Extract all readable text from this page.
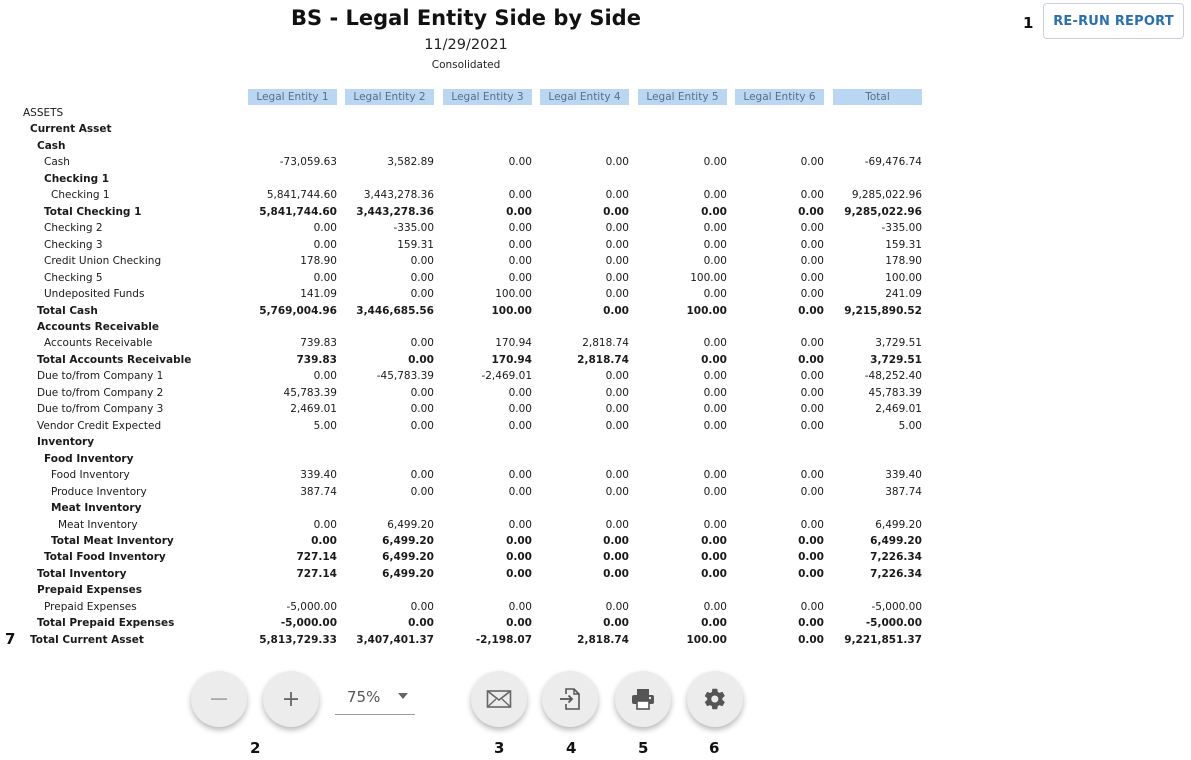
BS - Legal Entity Side by Side
11/29/2021
Consolidated
RE-RUN REPORT
1
2	3	4	5	6
7
Legal Entity 1	Legal Entity 2	Legal Entity 3	Legal Entity 4	Legal Entity 5	Legal Entity 6	Total
ASSETS
Current Asset
Cash
Cash	-73,059.63	3,582.89	0.00	0.00	0.00	0.00	-69,476.74
Checking 1
Checking 1	5,841,744.60	3,443,278.36	0.00	0.00	0.00	0.00	9,285,022.96
Total Checking 1	5,841,744.60	3,443,278.36	0.00	0.00	0.00	0.00	9,285,022.96
Checking 2	0.00	-335.00	0.00	0.00	0.00	0.00	-335.00
Checking 3	0.00	159.31	0.00	0.00	0.00	0.00	159.31
Credit Union Checking	178.90	0.00	0.00	0.00	0.00	0.00	178.90
Checking 5	0.00	0.00	0.00	0.00	100.00	0.00	100.00
Undeposited Funds	141.09	0.00	100.00	0.00	0.00	0.00	241.09
Total Cash	5,769,004.96	3,446,685.56	100.00	0.00	100.00	0.00	9,215,890.52
Accounts Receivable
Accounts Receivable	739.83	0.00	170.94	2,818.74	0.00	0.00	3,729.51
Total Accounts Receivable	739.83	0.00	170.94	2,818.74	0.00	0.00	3,729.51
Due to/from Company 1	0.00	-45,783.39	-2,469.01	0.00	0.00	0.00	-48,252.40
Due to/from Company 2	45,783.39	0.00	0.00	0.00	0.00	0.00	45,783.39
Due to/from Company 3	2,469.01	0.00	0.00	0.00	0.00	0.00	2,469.01
Vendor Credit Expected	5.00	0.00	0.00	0.00	0.00	0.00	5.00
Inventory
Food Inventory
Food Inventory	339.40	0.00	0.00	0.00	0.00	0.00	339.40
Produce Inventory	387.74	0.00	0.00	0.00	0.00	0.00	387.74
Meat Inventory
Meat Inventory	0.00	6,499.20	0.00	0.00	0.00	0.00	6,499.20
Total Meat Inventory	0.00	6,499.20	0.00	0.00	0.00	0.00	6,499.20
Total Food Inventory	727.14	6,499.20	0.00	0.00	0.00	0.00	7,226.34
Total Inventory	727.14	6,499.20	0.00	0.00	0.00	0.00	7,226.34
Prepaid Expenses
Prepaid Expenses	-5,000.00	0.00	0.00	0.00	0.00	0.00	-5,000.00
Total Prepaid Expenses	-5,000.00	0.00	0.00	0.00	0.00	0.00	-5,000.00
Total Current Asset	5,813,729.33	3,407,401.37	-2,198.07	2,818.74	100.00	0.00	9,221,851.37
75%
